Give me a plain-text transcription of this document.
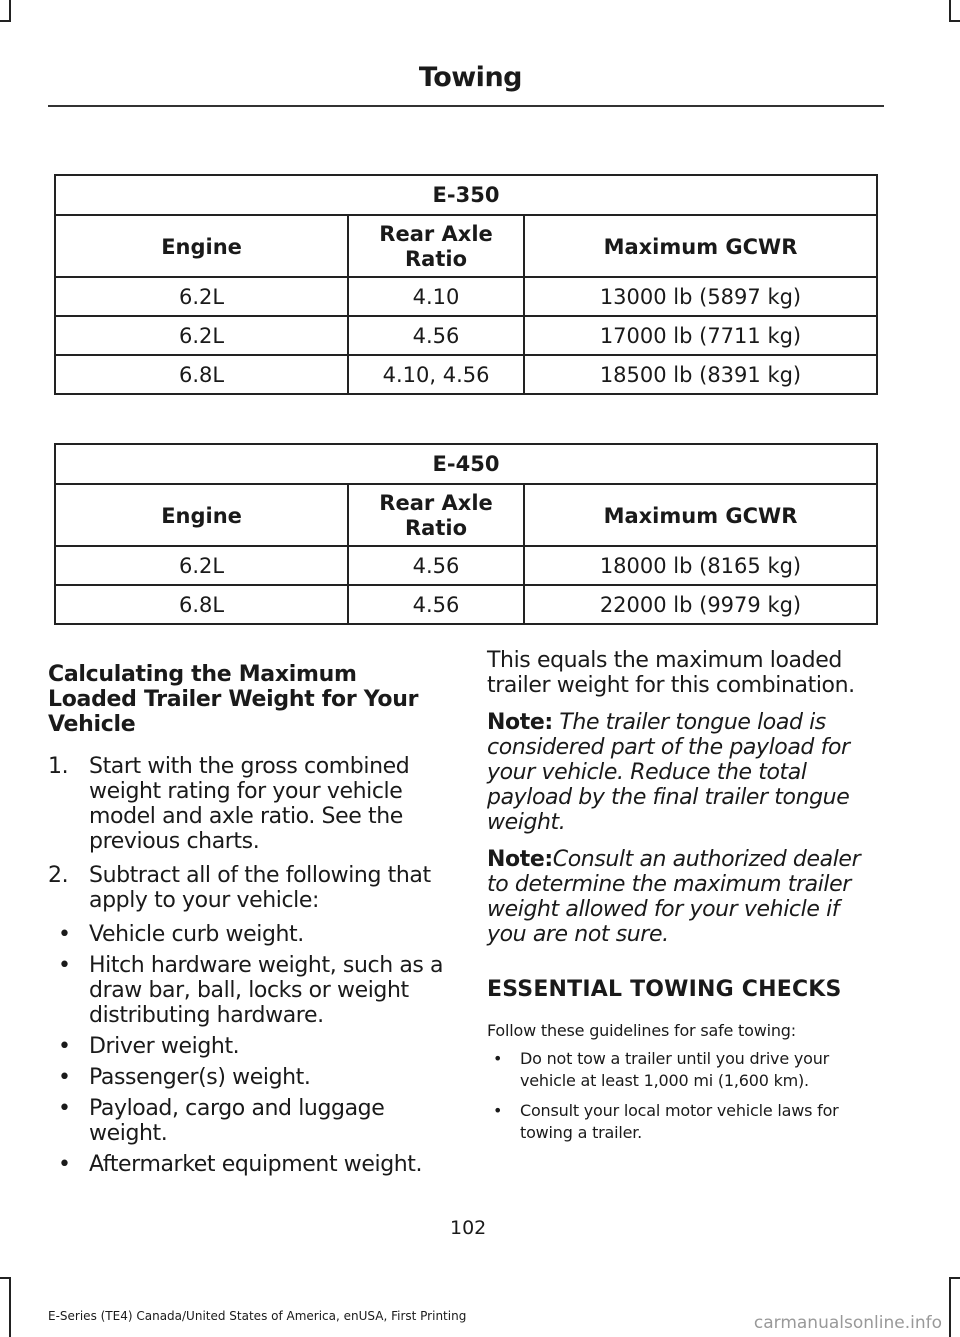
Towing
E-350		
Engine	Rear Axle Ratio	Maximum GCWR
6.2L	4.10	13000 lb (5897 kg)
6.2L	4.56	17000 lb (7711 kg)
6.8L	4.10, 4.56	18500 lb (8391 kg)
E-450		
Engine	Rear Axle Ratio	Maximum GCWR
6.2L	4.56	18000 lb (8165 kg)
6.8L	4.56	22000 lb (9979 kg)
Calculating the Maximum Loaded Trailer Weight for Your Vehicle
1. Start with the gross combined weight rating for your vehicle model and axle ratio. See the previous charts.
2. Subtract all of the following that apply to your vehicle:
• Vehicle curb weight.
• Hitch hardware weight, such as a draw bar, ball, locks or weight distributing hardware.
• Driver weight.
• Passenger(s) weight.
• Payload, cargo and luggage weight.
• Aftermarket equipment weight.
This equals the maximum loaded trailer weight for this combination.
Note: The trailer tongue load is considered part of the payload for your vehicle. Reduce the total payload by the final trailer tongue weight.
Note:Consult an authorized dealer to determine the maximum trailer weight allowed for your vehicle if you are not sure.
ESSENTIAL TOWING CHECKS
Follow these guidelines for safe towing:
• Do not tow a trailer until you drive your vehicle at least 1,000 mi (1,600 km).
• Consult your local motor vehicle laws for towing a trailer.
102
E-Series (TE4) Canada/United States of America, enUSA, First Printing	carmanualsonline.info
